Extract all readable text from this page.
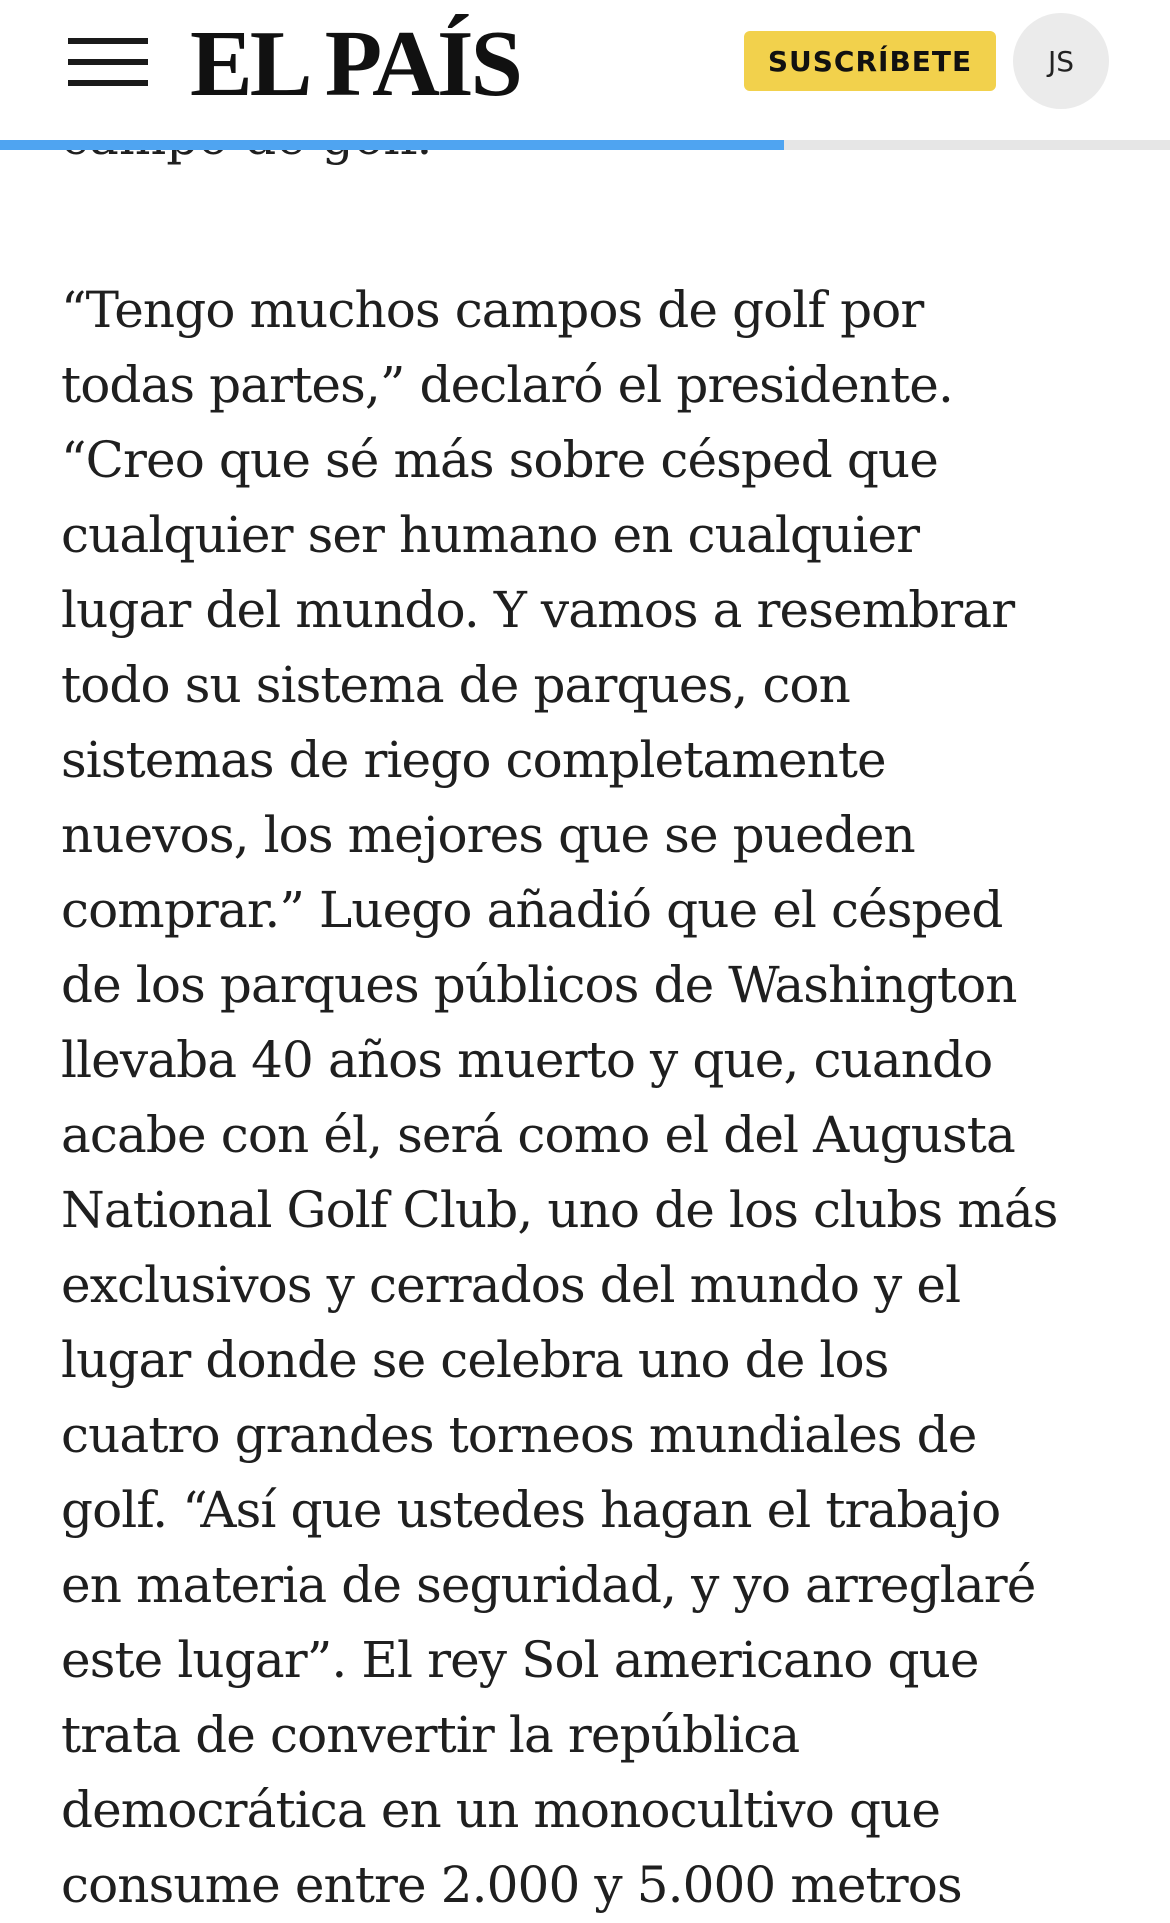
EL PAÍS	SUSCRÍBETE	JS

“Tengo muchos campos de golf por
todas partes,” declaró el presidente.
“Creo que sé más sobre césped que
cualquier ser humano en cualquier
lugar del mundo. Y vamos a resembrar
todo su sistema de parques, con
sistemas de riego completamente
nuevos, los mejores que se pueden
comprar.” Luego añadió que el césped
de los parques públicos de Washington
llevaba 40 años muerto y que, cuando
acabe con él, será como el del Augusta
National Golf Club, uno de los clubs más
exclusivos y cerrados del mundo y el
lugar donde se celebra uno de los
cuatro grandes torneos mundiales de
golf. “Así que ustedes hagan el trabajo
en materia de seguridad, y yo arreglaré
este lugar”. El rey Sol americano que
trata de convertir la república
democrática en un monocultivo que
consume entre 2.000 y 5.000 metros
